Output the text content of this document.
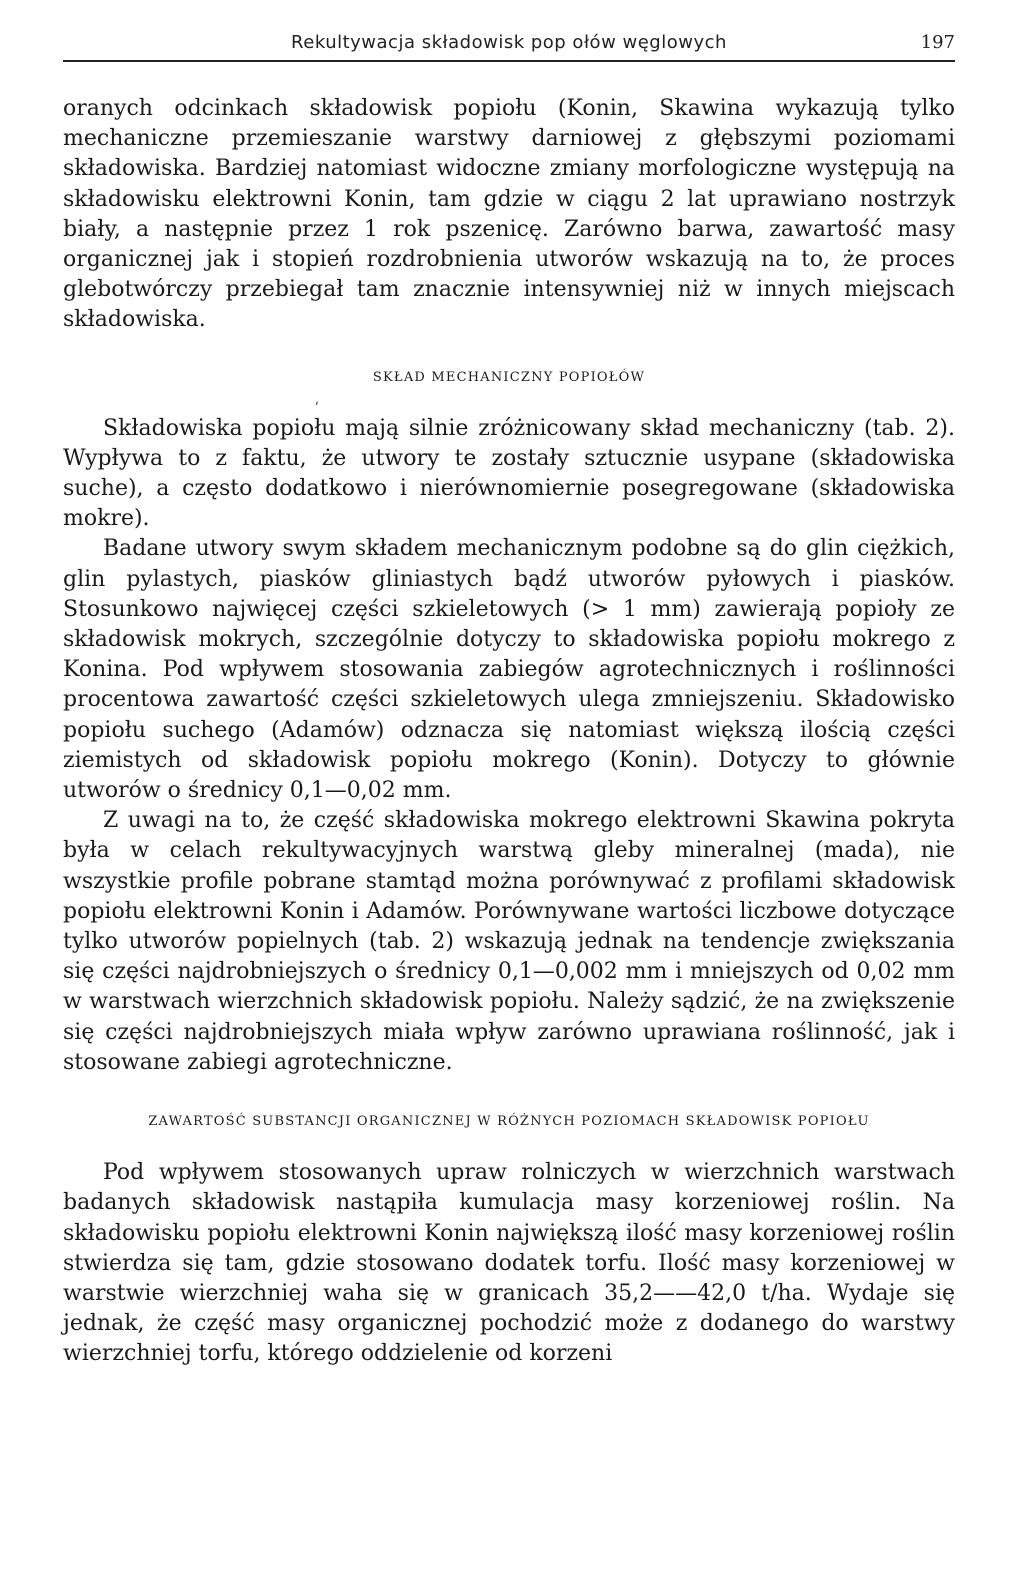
Rekultywacja składowisk pop ołów węglowych	197

oranych odcinkach składowisk popiołu (Konin, Skawina wykazują tylko mechaniczne przemieszanie warstwy darniowej z głębszymi poziomami składowiska. Bardziej natomiast widoczne zmiany morfologiczne występują na składowisku elektrowni Konin, tam gdzie w ciągu 2 lat uprawiano nostrzyk biały, a następnie przez 1 rok pszenicę. Zarówno barwa, zawartość masy organicznej jak i stopień rozdrobnienia utworów wskazują na to, że proces glebotwórczy przebiegał tam znacznie intensywniej niż w innych miejscach składowiska.

SKŁAD MECHANICZNY POPIOŁÓW

Składowiska popiołu mają silnie zróżnicowany skład mechaniczny (tab. 2). Wypływa to z faktu, że utwory te zostały sztucznie usypane (składowiska suche), a często dodatkowo i nierównomiernie posegregowane (składowiska mokre).

Badane utwory swym składem mechanicznym podobne są do glin ciężkich, glin pylastych, piasków gliniastych bądź utworów pyłowych i piasków. Stosunkowo najwięcej części szkieletowych (> 1 mm) zawierają popioły ze składowisk mokrych, szczególnie dotyczy to składowiska popiołu mokrego z Konina. Pod wpływem stosowania zabiegów agrotechnicznych i roślinności procentowa zawartość części szkieletowych ulega zmniejszeniu. Składowisko popiołu suchego (Adamów) odznacza się natomiast większą ilością części ziemistych od składowisk popiołu mokrego (Konin). Dotyczy to głównie utworów o średnicy 0,1—0,02 mm.

Z uwagi na to, że część składowiska mokrego elektrowni Skawina pokryta była w celach rekultywacyjnych warstwą gleby mineralnej (mada), nie wszystkie profile pobrane stamtąd można porównywać z profilami składowisk popiołu elektrowni Konin i Adamów. Porównywane wartości liczbowe dotyczące tylko utworów popielnych (tab. 2) wskazują jednak na tendencje zwiększania się części najdrobniejszych o średnicy 0,1—0,002 mm i mniejszych od 0,02 mm w warstwach wierzchnich składowisk popiołu. Należy sądzić, że na zwiększenie się części najdrobniejszych miała wpływ zarówno uprawiana roślinność, jak i stosowane zabiegi agrotechniczne.

ZAWARTOŚĆ SUBSTANCJI ORGANICZNEJ W RÓŻNYCH POZIOMACH SKŁADOWISK POPIOŁU

Pod wpływem stosowanych upraw rolniczych w wierzchnich warstwach badanych składowisk nastąpiła kumulacja masy korzeniowej roślin. Na składowisku popiołu elektrowni Konin największą ilość masy korzeniowej roślin stwierdza się tam, gdzie stosowano dodatek torfu. Ilość masy korzeniowej w warstwie wierzchniej waha się w granicach 35,2——42,0 t/ha. Wydaje się jednak, że część masy organicznej pochodzić może z dodanego do warstwy wierzchniej torfu, którego oddzielenie od korzeni

ʹ
